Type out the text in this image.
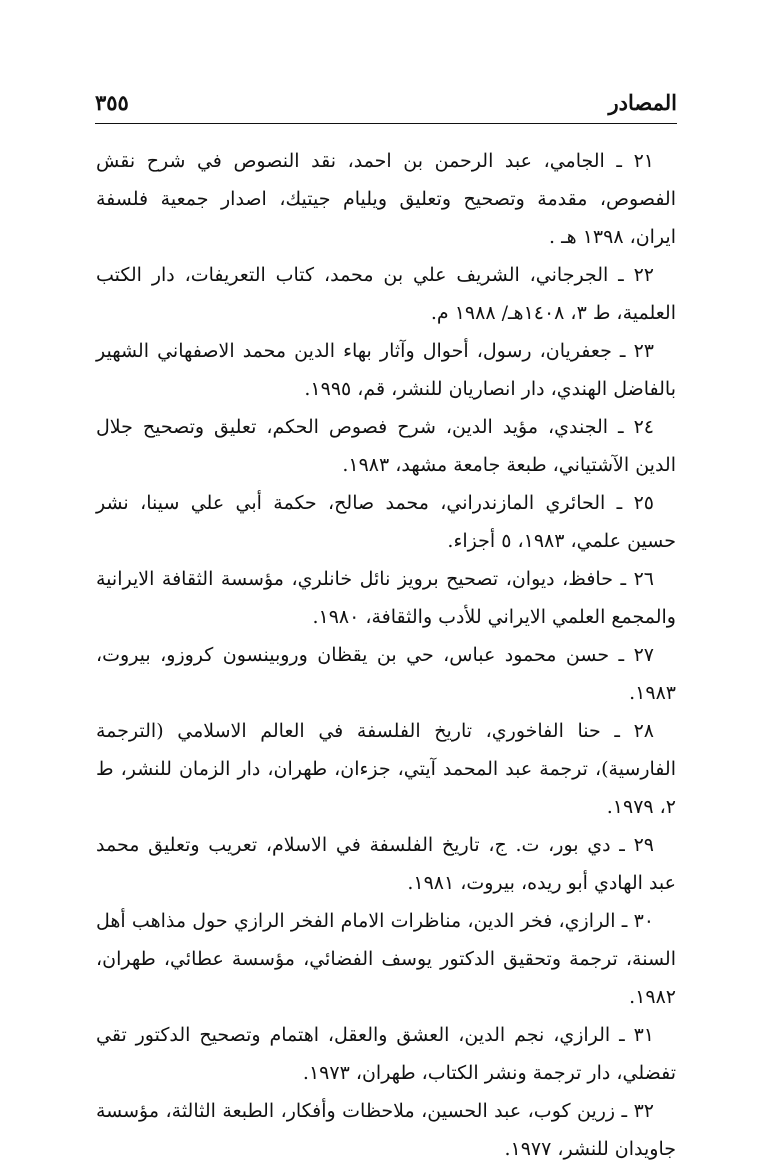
المصادر
٣٥٥
٢١ ـ الجامي، عبد الرحمن بن احمد، نقد النصوص في شرح نقش الفصوص، مقدمة وتصحيح وتعليق ويليام جيتيك، اصدار جمعية فلسفة ايران، ١٣٩٨ هـ .
٢٢ ـ الجرجاني، الشريف علي بن محمد، كتاب التعريفات، دار الكتب العلمية، ط ٣، ١٤٠٨هـ/ ١٩٨٨ م.
٢٣ ـ جعفريان، رسول، أحوال وآثار بهاء الدين محمد الاصفهاني الشهير بالفاضل الهندي، دار انصاريان للنشر، قم، ١٩٩٥.
٢٤ ـ الجندي، مؤيد الدين، شرح فصوص الحكم، تعليق وتصحيح جلال الدين الآشتياني، طبعة جامعة مشهد، ١٩٨٣.
٢٥ ـ الحائري المازندراني، محمد صالح، حكمة أبي علي سينا، نشر حسين علمي، ١٩٨٣، ٥ أجزاء.
٢٦ ـ حافظ، ديوان، تصحيح برويز نائل خانلري، مؤسسة الثقافة الايرانية والمجمع العلمي الايراني للأدب والثقافة، ١٩٨٠.
٢٧ ـ حسن محمود عباس، حي بن يقظان وروبينسون كروزو، بيروت، ١٩٨٣.
٢٨ ـ حنا الفاخوري، تاريخ الفلسفة في العالم الاسلامي (الترجمة الفارسية)، ترجمة عبد المحمد آيتي، جزءان، طهران، دار الزمان للنشر، ط ٢، ١٩٧٩.
٢٩ ـ دي بور، ت. ج، تاريخ الفلسفة في الاسلام، تعريب وتعليق محمد عبد الهادي أبو ريده، بيروت، ١٩٨١.
٣٠ ـ الرازي، فخر الدين، مناظرات الامام الفخر الرازي حول مذاهب أهل السنة، ترجمة وتحقيق الدكتور يوسف الفضائي، مؤسسة عطائي، طهران، ١٩٨٢.
٣١ ـ الرازي، نجم الدين، العشق والعقل، اهتمام وتصحيح الدكتور تقي تفضلي، دار ترجمة ونشر الكتاب، طهران، ١٩٧٣.
٣٢ ـ زرين كوب، عبد الحسين، ملاحظات وأفكار، الطبعة الثالثة، مؤسسة جاويدان للنشر، ١٩٧٧.
